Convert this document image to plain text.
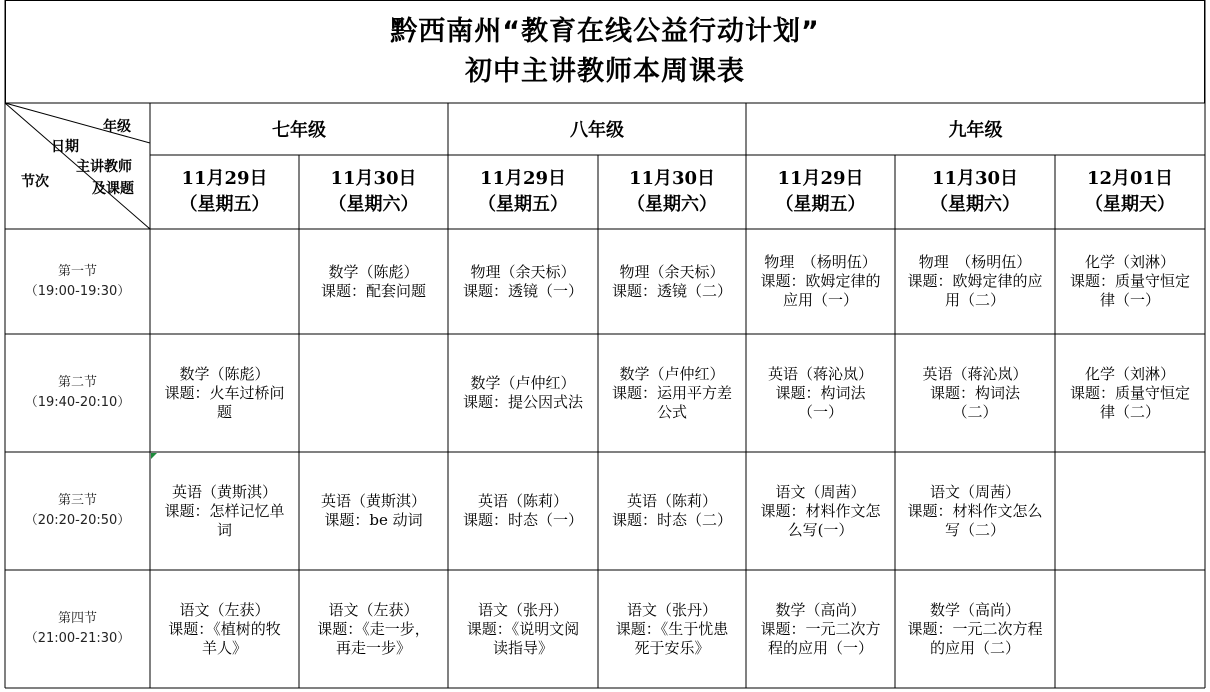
黔西南州“教育在线公益行动计划”
初中主讲教师本周课表
年级
日期
主讲教师
及课题
节次
七年级	八年级	九年级
11月29日
（星期五）
11月30日
（星期六）
11月29日
（星期五）
11月30日
（星期六）
11月29日
（星期五）
11月30日
（星期六）
12月01日
（星期天）
第一节
（19:00-19:30）
第二节
（19:40-20:10）
第三节
（20:20-20:50）
第四节
（21:00-21:30）
数学（陈彪）
课题：配套问题
物理（余天标）
课题：透镜（一）
物理（余天标）
课题：透镜（二）
物理　（杨明伍）
课题：欧姆定律的
应用（一）
物理　（杨明伍）
课题：欧姆定律的应
用（二）
化学（刘淋）
课题：质量守恒定
律（一）
数学（陈彪）
课题：火车过桥问
题
数学（卢仲红）
课题：提公因式法
数学（卢仲红）
课题：运用平方差
公式
英语（蒋沁岚）
课题：构词法
（一）
英语（蒋沁岚）
课题：构词法
（二）
化学（刘淋）
课题：质量守恒定
律（二）
英语（黄斯淇）
课题：怎样记忆单
词
英语（黄斯淇）
课题：be 动词
英语（陈莉）
课题：时态（一）
英语（陈莉）
课题：时态（二）
语文（周茜）
课题：材料作文怎
么写(一）
语文（周茜）
课题：材料作文怎么
写（二）
语文（左获）
课题：《植树的牧
羊人》
语文（左获）
课题：《走一步，
再走一步》
语文（张丹）
课题：《说明文阅
读指导》
语文（张丹）
课题：《生于忧患
死于安乐》
数学（高尚）
课题：一元二次方
程的应用（一）
数学（高尚）
课题：一元二次方程
的应用（二）
